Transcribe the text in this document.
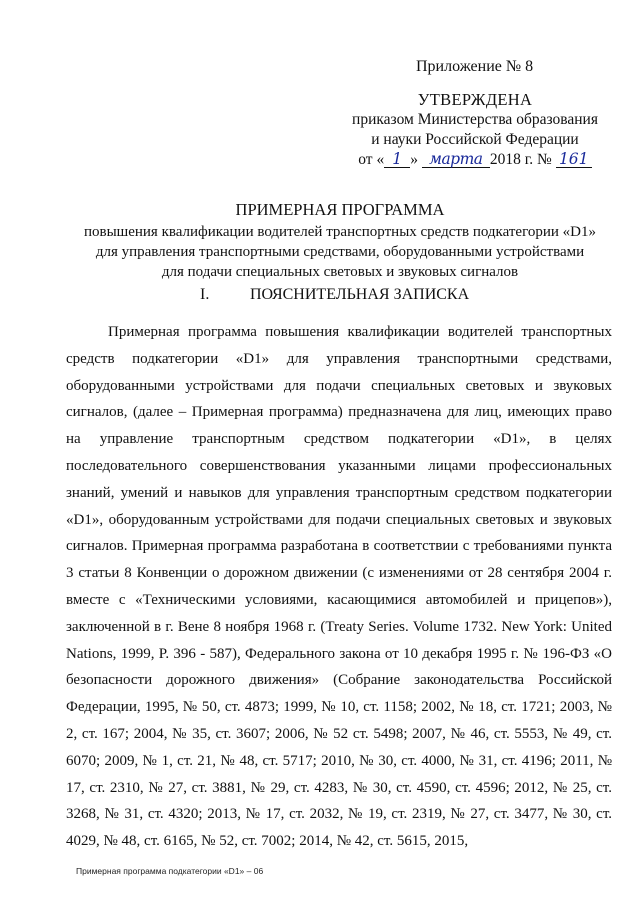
Приложение № 8
УТВЕРЖДЕНА
приказом Министерства образования
и науки Российской Федерации
от « 1 » марта 2018 г. № 161
ПРИМЕРНАЯ ПРОГРАММА
повышения квалификации водителей транспортных средств подкатегории «D1»
для управления транспортными средствами, оборудованными устройствами
для подачи специальных световых и звуковых сигналов
I.	ПОЯСНИТЕЛЬНАЯ ЗАПИСКА

Примерная программа повышения квалификации водителей транспортных средств подкатегории «D1» для управления транспортными средствами, оборудованными устройствами для подачи специальных световых и звуковых сигналов, (далее – Примерная программа) предназначена для лиц, имеющих право на управление транспортным средством подкатегории «D1», в целях последовательного совершенствования указанными лицами профессиональных знаний, умений и навыков для управления транспортным средством подкатегории «D1», оборудованным устройствами для подачи специальных световых и звуковых сигналов. Примерная программа разработана в соответствии с требованиями пункта 3 статьи 8 Конвенции о дорожном движении (с изменениями от 28 сентября 2004 г. вместе с «Техническими условиями, касающимися автомобилей и прицепов»), заключенной в г. Вене 8 ноября 1968 г. (Treaty Series. Volume 1732. New York: United Nations, 1999, P. 396 - 587), Федерального закона от 10 декабря 1995 г. № 196-ФЗ «О безопасности дорожного движения» (Собрание законодательства Российской Федерации, 1995, № 50, ст. 4873; 1999, № 10, ст. 1158; 2002, № 18, ст. 1721; 2003, № 2, ст. 167; 2004, № 35, ст. 3607; 2006, № 52 ст. 5498; 2007, № 46, ст. 5553, № 49, ст. 6070; 2009, № 1, ст. 21, № 48, ст. 5717; 2010, № 30, ст. 4000, № 31, ст. 4196; 2011, № 17, ст. 2310, № 27, ст. 3881, № 29, ст. 4283, № 30, ст. 4590, ст. 4596; 2012, № 25, ст. 3268, № 31, ст. 4320; 2013, № 17, ст. 2032, № 19, ст. 2319, № 27, ст. 3477, № 30, ст. 4029, № 48, ст. 6165, № 52, ст. 7002; 2014, № 42, ст. 5615, 2015,

Примерная программа подкатегории «D1» – 06
